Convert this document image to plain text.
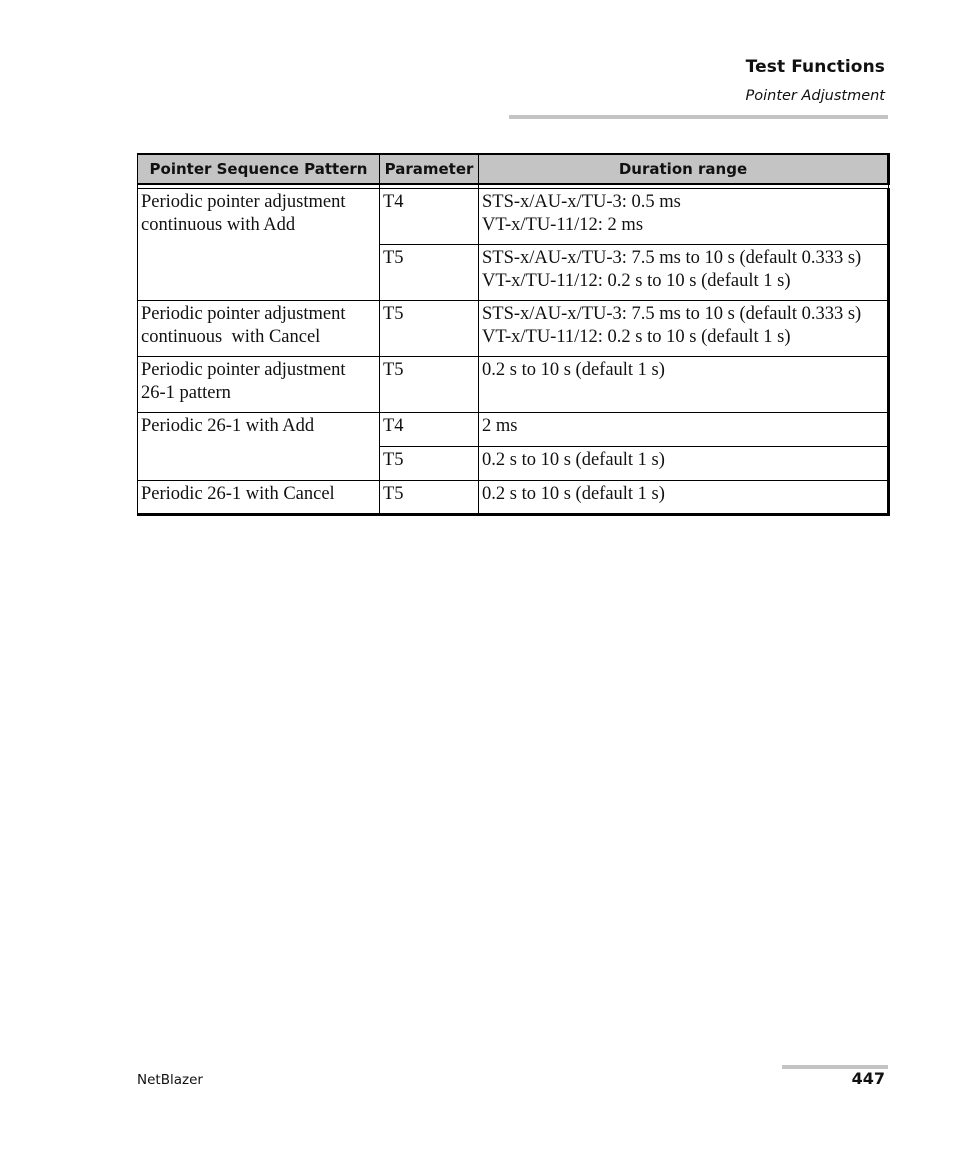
Test Functions
Pointer Adjustment
Pointer Sequence Pattern	Parameter	Duration range

Periodic pointer adjustment
continuous with Add	T4	STS-x/AU-x/TU-3: 0.5 ms
VT-x/TU-11/12: 2 ms

	T5	STS-x/AU-x/TU-3: 7.5 ms to 10 s (default 0.333 s)
VT-x/TU-11/12: 0.2 s to 10 s (default 1 s)

Periodic pointer adjustment
continuous  with Cancel	T5	STS-x/AU-x/TU-3: 7.5 ms to 10 s (default 0.333 s)
VT-x/TU-11/12: 0.2 s to 10 s (default 1 s)

Periodic pointer adjustment
26-1 pattern	T5	0.2 s to 10 s (default 1 s)

Periodic 26-1 with Add	T4	2 ms

	T5	0.2 s to 10 s (default 1 s)

Periodic 26-1 with Cancel	T5	0.2 s to 10 s (default 1 s)
NetBlazer	447
